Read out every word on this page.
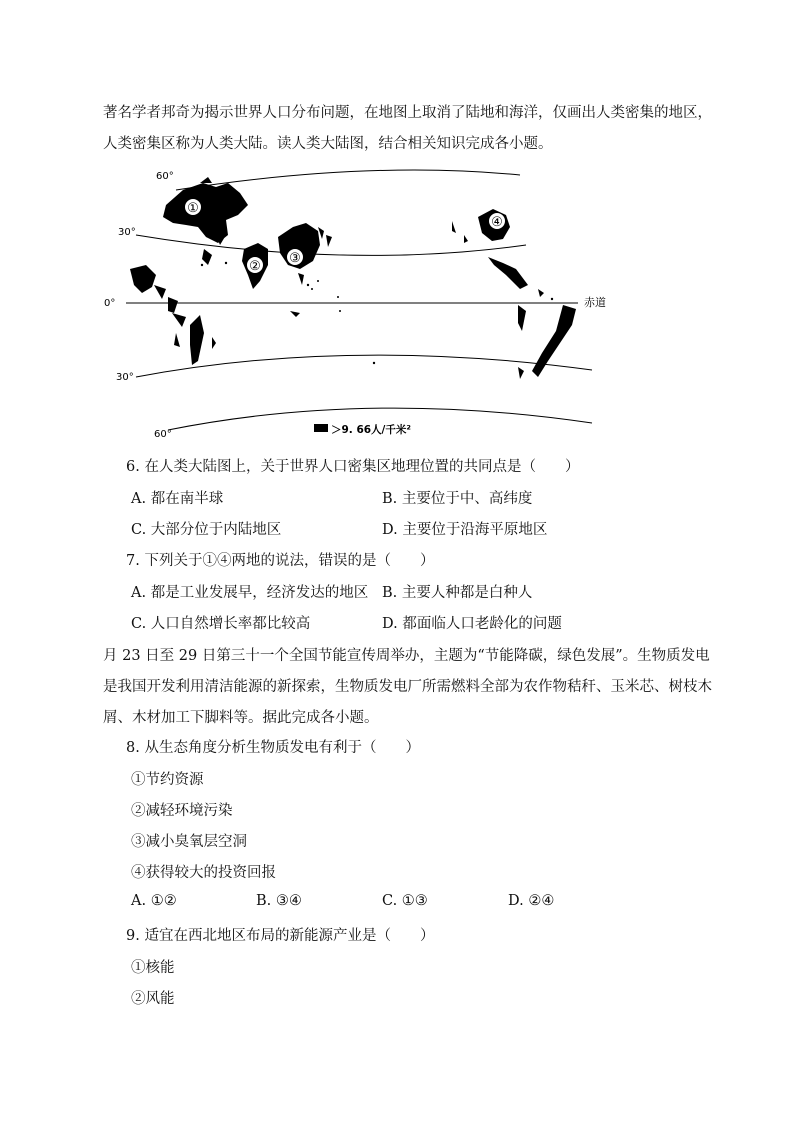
著名学者邦奇为揭示世界人口分布问题，在地图上取消了陆地和海洋，仅画出人类密集的地区，

人类密集区称为人类大陆。读人类大陆图，结合相关知识完成各小题。

①
②
③
④
60°
30°
0°
30°
60°
赤道
＞9. 66人/千米²

6. 在人类大陆图上，关于世界人口密集区地理位置的共同点是（　　）

A. 都在南半球	B. 主要位于中、高纬度
C. 大部分位于内陆地区	D. 主要位于沿海平原地区

7. 下列关于①④两地的说法，错误的是（　　）

A. 都是工业发展早，经济发达的地区 B. 主要人种都是白种人
C. 人口自然增长率都比较高	D. 都面临人口老龄化的问题

月 23 日至 29 日第三十一个全国节能宣传周举办，主题为“节能降碳，绿色发展”。生物质发电

是我国开发利用清洁能源的新探索，生物质发电厂所需燃料全部为农作物秸秆、玉米芯、树枝木

屑、木材加工下脚料等。据此完成各小题。

8. 从生态角度分析生物质发电有利于（　　）

①节约资源
②减轻环境污染
③减小臭氧层空洞
④获得较大的投资回报
A. ①②	B. ③④	C. ①③	D. ②④

9. 适宜在西北地区布局的新能源产业是（　　）

①核能
②风能
